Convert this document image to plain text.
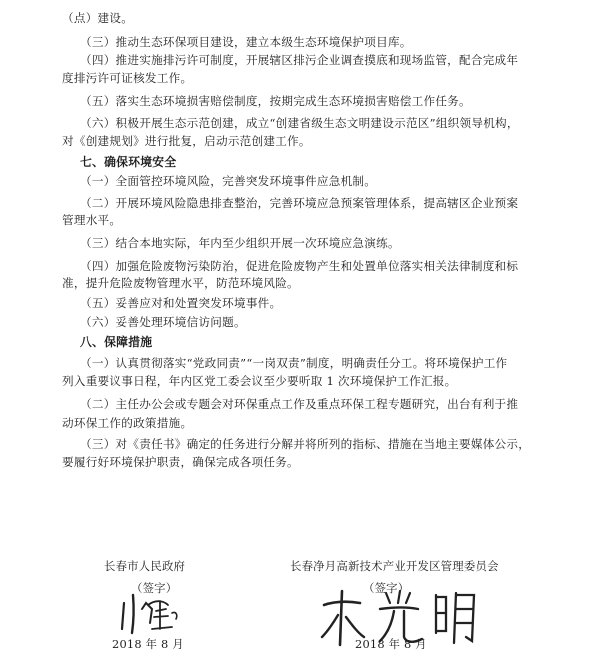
（点）建设。
（三）推动生态环保项目建设，建立本级生态环境保护项目库。
（四）推进实施排污许可制度，开展辖区排污企业调查摸底和现场监管，配合完成年
度排污许可证核发工作。
（五）落实生态环境损害赔偿制度，按期完成生态环境损害赔偿工作任务。
（六）积极开展生态示范创建，成立“创建省级生态文明建设示范区”组织领导机构，
对《创建规划》进行批复，启动示范创建工作。
七、确保环境安全
（一）全面管控环境风险，完善突发环境事件应急机制。
（二）开展环境风险隐患排查整治，完善环境应急预案管理体系，提高辖区企业预案
管理水平。
（三）结合本地实际，年内至少组织开展一次环境应急演练。
（四）加强危险废物污染防治，促进危险废物产生和处置单位落实相关法律制度和标
准，提升危险废物管理水平，防范环境风险。
（五）妥善应对和处置突发环境事件。
（六）妥善处理环境信访问题。
八、保障措施
（一）认真贯彻落实“党政同责”“一岗双责”制度，明确责任分工。将环境保护工作
列入重要议事日程，年内区党工委会议至少要听取 1 次环境保护工作汇报。
（二）主任办公会或专题会对环保重点工作及重点环保工程专题研究，出台有利于推
动环保工作的政策措施。
（三）对《责任书》确定的任务进行分解并将所列的指标、措施在当地主要媒体公示，
要履行好环境保护职责，确保完成各项任务。
长春市人民政府
（签字）
2018 年 8 月
长春净月高新技术产业开发区管理委员会
（签字）
2018 年 8 月
